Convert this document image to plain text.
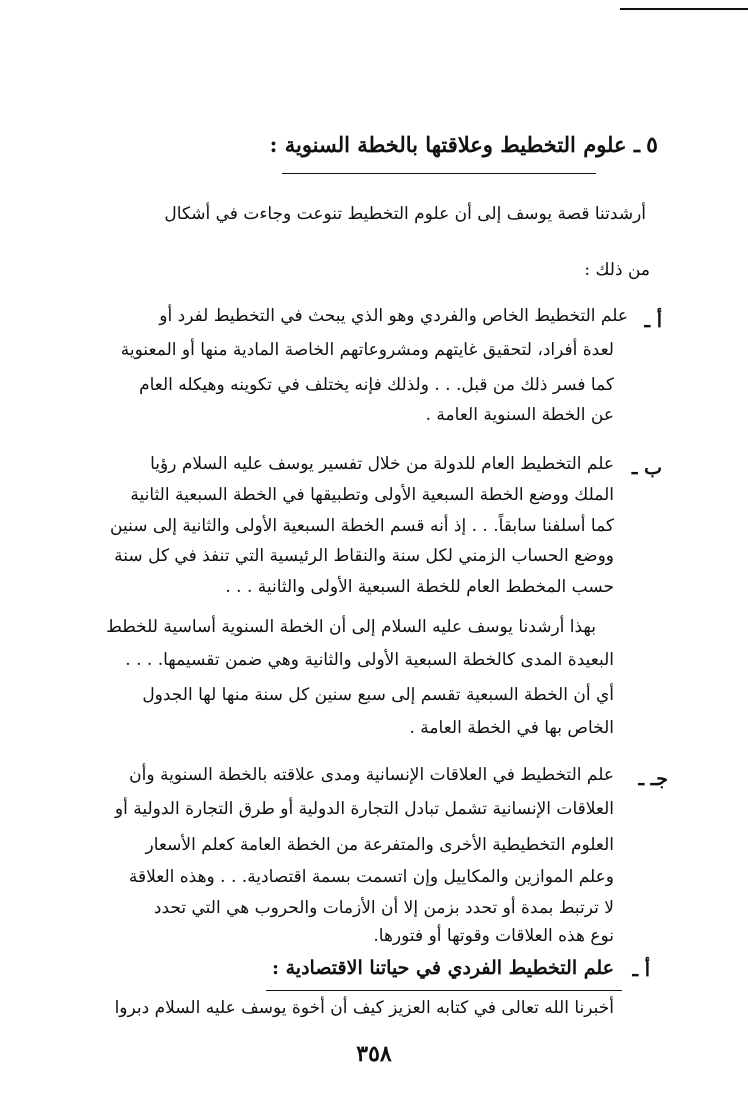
٥
ـ علوم التخطيط وعلاقتها بالخطة السنوية :
أرشدتنا قصة يوسف إلى أن علوم التخطيط تنوعت وجاءت في أشكال
من ذلك :
أ ـ
علم التخطيط الخاص والفردي وهو الذي يبحث في التخطيط لفرد أو
لعدة أفراد، لتحقيق غايتهم ومشروعاتهم الخاصة المادية منها أو المعنوية
كما فسر ذلك من قبل. . . ولذلك فإنه يختلف في تكوينه وهيكله العام
عن الخطة السنوية العامة .
ب ـ
علم التخطيط العام للدولة من خلال تفسير يوسف عليه السلام رؤيا
الملك ووضع الخطة السبعية الأولى وتطبيقها في الخطة السبعية الثانية
كما أسلفنا سابقاً. . . إذ أنه قسم الخطة السبعية الأولى والثانية إلى سنين
ووضع الحساب الزمني لكل سنة والنقاط الرئيسية التي تنفذ في كل سنة
حسب المخطط العام للخطة السبعية الأولى والثانية . . .
بهذا أرشدنا يوسف عليه السلام إلى أن الخطة السنوية أساسية للخطط
البعيدة المدى كالخطة السبعية الأولى والثانية وهي ضمن تقسيمها. . . .
أي أن الخطة السبعية تقسم إلى سبع سنين كل سنة منها لها الجدول
الخاص بها في الخطة العامة .
جـ ـ
علم التخطيط في العلاقات الإنسانية ومدى علاقته بالخطة السنوية وأن
العلاقات الإنسانية تشمل تبادل التجارة الدولية أو طرق التجارة الدولية أو
العلوم التخطيطية الأخرى والمتفرعة من الخطة العامة كعلم الأسعار
وعلم الموازين والمكاييل وإن اتسمت بسمة اقتصادية. . . وهذه العلاقة
لا ترتبط بمدة أو تحدد بزمن إلا أن الأزمات والحروب هي التي تحدد
نوع هذه العلاقات وقوتها أو فتورها.
أ ـ
علم التخطيط الفردي في حياتنا الاقتصادية :
أخبرنا الله تعالى في كتابه العزيز كيف أن أخوة يوسف عليه السلام دبروا
٣٥٨
